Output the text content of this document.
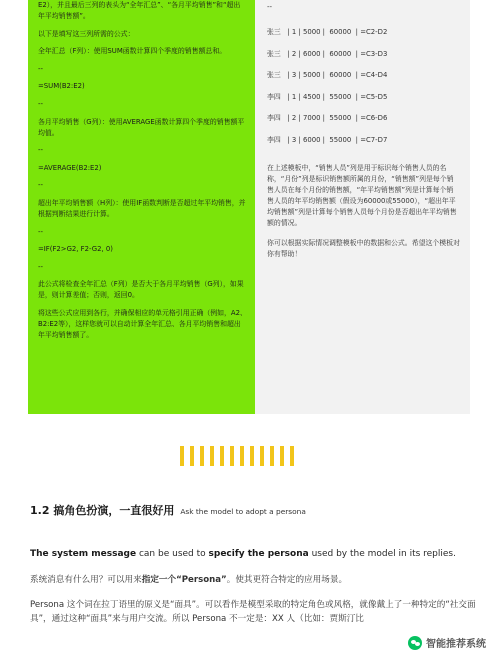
E2），并且最后三列的表头为“全年汇总”、“各月平均销售”和“超出年平均销售额”。

以下是填写这三列所需的公式：

全年汇总（F列）：使用SUM函数计算四个季度的销售额总和。

--

=SUM(B2:E2)

--

各月平均销售（G列）：使用AVERAGE函数计算四个季度的销售额平均值。

--

=AVERAGE(B2:E2)

--

超出年平均销售额（H列）：使用IF函数判断是否超过年平均销售，并根据判断结果进行计算。

--

=IF(F2>G2, F2-G2, 0)

--

此公式将检查全年汇总（F列）是否大于各月平均销售（G列），如果是，则计算差值；否则，返回0。

将这些公式应用到各行，并确保相应的单元格引用正确（例如，A2、B2:E2等），这样您就可以自动计算全年汇总、各月平均销售和超出年平均销售额了。

--
张三   | 1 | 5000 |  60000  | =C2-D2
张三   | 2 | 6000 |  60000  | =C3-D3
张三   | 3 | 5000 |  60000  | =C4-D4
李四   | 1 | 4500 |  55000  | =C5-D5
李四   | 2 | 7000 |  55000  | =C6-D6
李四   | 3 | 6000 |  55000  | =C7-D7

在上述模板中，“销售人员”列是用于标识每个销售人员的名称，“月份”列是标识销售额所属的月份，“销售额”列是每个销售人员在每个月份的销售额，“年平均销售额”列是计算每个销售人员的年平均销售额（假设为60000或55000），“超出年平均销售额”列是计算每个销售人员每个月份是否超出年平均销售额的情况。

你可以根据实际情况调整模板中的数据和公式。希望这个模板对你有帮助！

1.2 搞角色扮演，一直很好用 Ask the model to adopt a persona
The system message can be used to specify the persona used by the model in its replies.
系统消息有什么用？可以用来指定一个“Persona”。使其更符合特定的应用场景。

Persona 这个词在拉丁语里的原义是“面具”。可以看作是模型采取的特定角色或风格，就像戴上了一种特定的“社交面具”，通过这种“面具”来与用户交流。所以 Persona 不一定是：XX 人（比如：贾斯汀比

智能推荐系统
